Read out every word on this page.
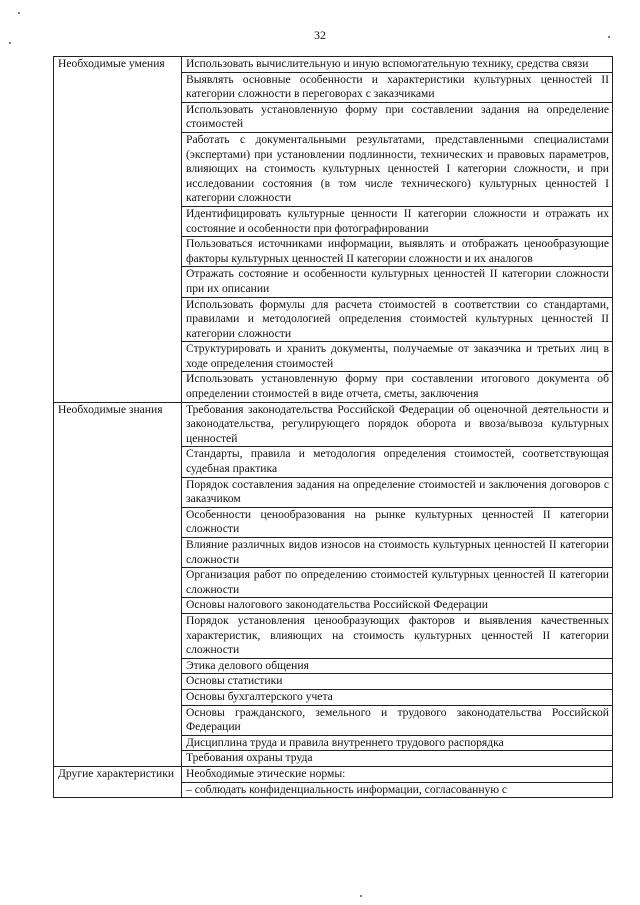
32
Необходимые умения	Использовать вычислительную и иную вспомогательную технику, средства связи
	Выявлять основные особенности и характеристики культурных ценностей II категории сложности в переговорах с заказчиками
	Использовать установленную форму при составлении задания на определение стоимостей
	Работать с документальными результатами, представленными специалистами (экспертами) при установлении подлинности, технических и правовых параметров, влияющих на стоимость культурных ценностей I категории сложности, и при исследовании состояния (в том числе технического) культурных ценностей I категории сложности
	Идентифицировать культурные ценности II категории сложности и отражать их состояние и особенности при фотографировании
	Пользоваться источниками информации, выявлять и отображать ценообразующие факторы культурных ценностей II категории сложности и их аналогов
	Отражать состояние и особенности культурных ценностей II категории сложности при их описании
	Использовать формулы для расчета стоимостей в соответствии со стандартами, правилами и методологией определения стоимостей культурных ценностей II категории сложности
	Структурировать и хранить документы, получаемые от заказчика и третьих лиц в ходе определения стоимостей
	Использовать установленную форму при составлении итогового документа об определении стоимостей в виде отчета, сметы, заключения

Необходимые знания	Требования законодательства Российской Федерации об оценочной деятельности и законодательства, регулирующего порядок оборота и ввоза/вывоза культурных ценностей
	Стандарты, правила и методология определения стоимостей, соответствующая судебная практика
	Порядок составления задания на определение стоимостей и заключения договоров с заказчиком
	Особенности ценообразования на рынке культурных ценностей II категории сложности
	Влияние различных видов износов на стоимость культурных ценностей II категории сложности
	Организация работ по определению стоимостей культурных ценностей II категории сложности
	Основы налогового законодательства Российской Федерации
	Порядок установления ценообразующих факторов и выявления качественных характеристик, влияющих на стоимость культурных ценностей II категории сложности
	Этика делового общения
	Основы статистики
	Основы бухгалтерского учета
	Основы гражданского, земельного и трудового законодательства Российской Федерации
	Дисциплина труда и правила внутреннего трудового распорядка
	Требования охраны труда

Другие характеристики	Необходимые этические нормы:
	– соблюдать конфиденциальность информации, согласованную с
